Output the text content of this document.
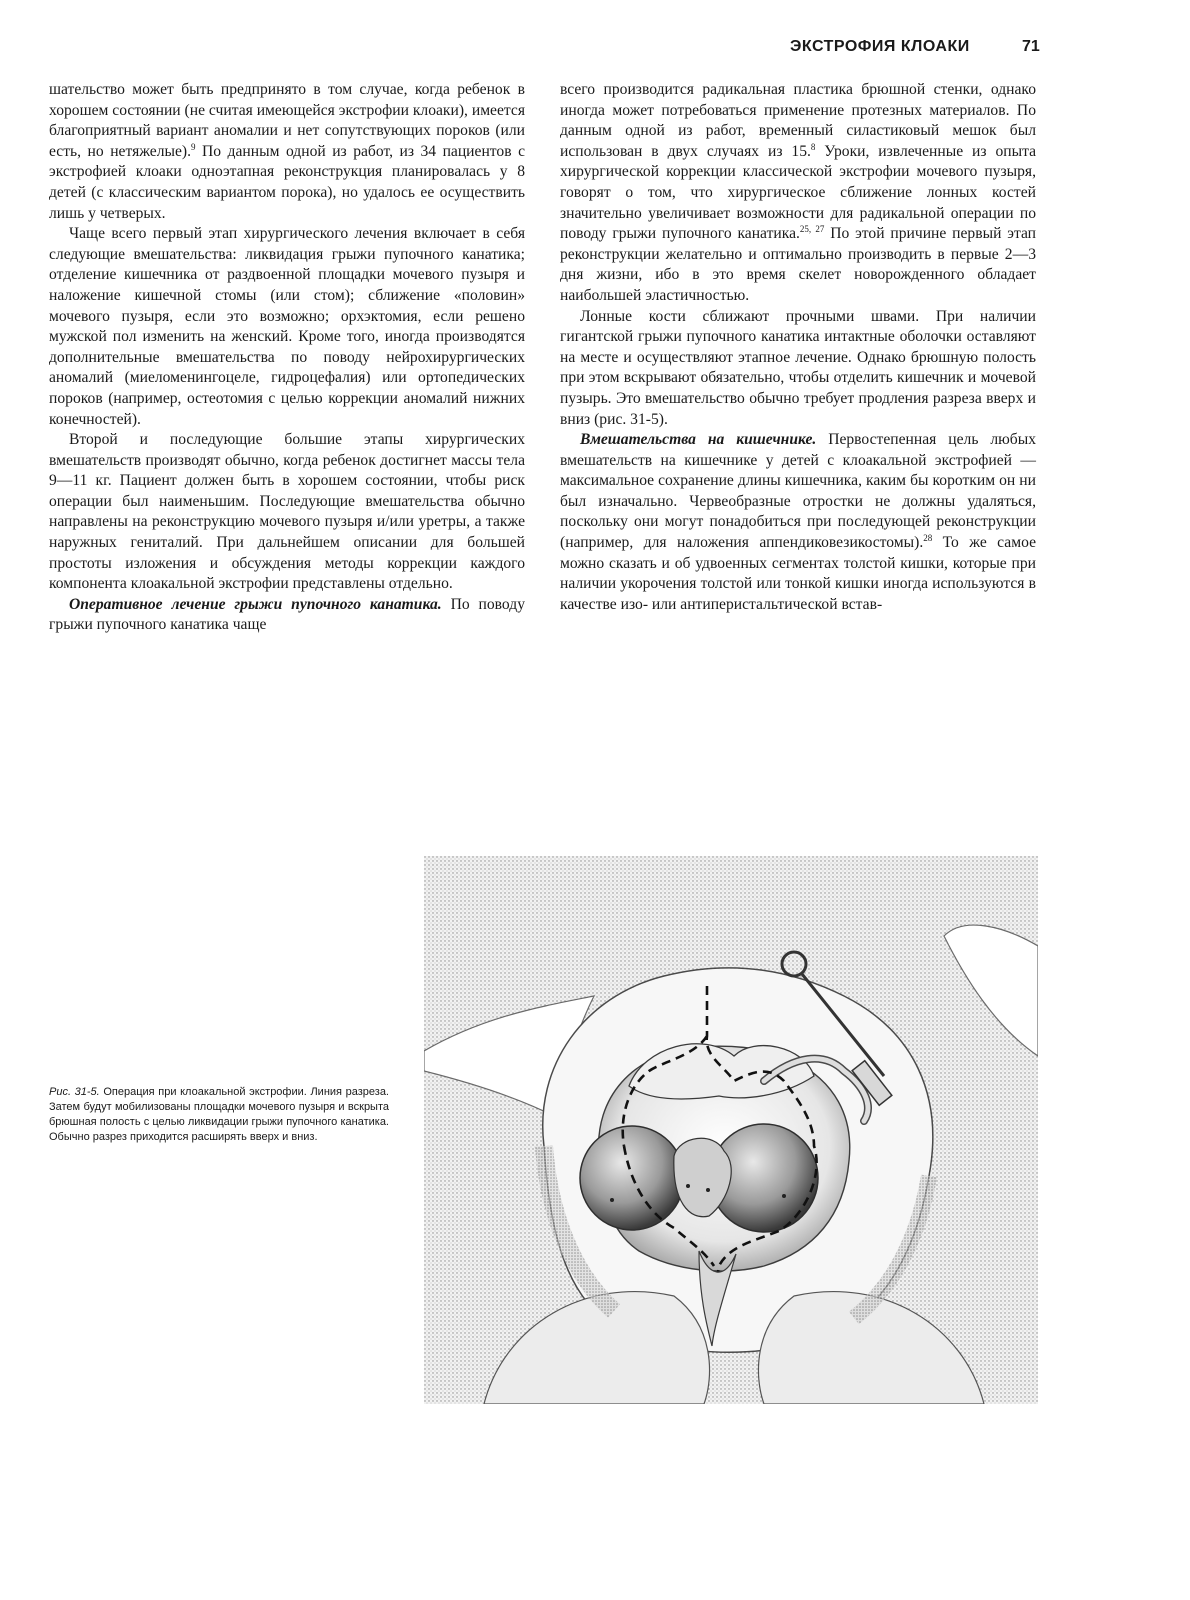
ЭКСТРОФИЯ КЛОАКИ	71

шательство может быть предпринято в том случае, когда ребенок в хорошем состоянии (не считая имеющейся экстрофии клоаки), имеется благоприятный вариант аномалии и нет сопутствующих пороков (или есть, но нетяжелые).$^9$ По данным одной из работ, из 34 пациентов с экстрофией клоаки одноэтапная реконструкция планировалась у 8 детей (с классическим вариантом порока), но удалось ее осуществить лишь у четверых.

Чаще всего первый этап хирургического лечения включает в себя следующие вмешательства: ликвидация грыжи пупочного канатика; отделение кишечника от раздвоенной площадки мочевого пузыря и наложение кишечной стомы (или стом); сближение «половин» мочевого пузыря, если это возможно; орхэктомия, если решено мужской пол изменить на женский. Кроме того, иногда производятся дополнительные вмешательства по поводу нейрохирургических аномалий (миеломенингоцеле, гидроцефалия) или ортопедических пороков (например, остеотомия с целью коррекции аномалий нижних конечностей).

Второй и последующие большие этапы хирургических вмешательств производят обычно, когда ребенок достигнет массы тела 9—11 кг. Пациент должен быть в хорошем состоянии, чтобы риск операции был наименьшим. Последующие вмешательства обычно направлены на реконструкцию мочевого пузыря и/или уретры, а также наружных гениталий. При дальнейшем описании для большей простоты изложения и обсуждения методы коррекции каждого компонента клоакальной экстрофии представлены отдельно.

Оперативное лечение грыжи пупочного канатика. По поводу грыжи пупочного канатика чаще

всего производится радикальная пластика брюшной стенки, однако иногда может потребоваться применение протезных материалов. По данным одной из работ, временный силастиковый мешок был использован в двух случаях из 15.$^8$ Уроки, извлеченные из опыта хирургической коррекции классической экстрофии мочевого пузыря, говорят о том, что хирургическое сближение лонных костей значительно увеличивает возможности для радикальной операции по поводу грыжи пупочного канатика.$^{25, 27}$ По этой причине первый этап реконструкции желательно и оптимально производить в первые 2—3 дня жизни, ибо в это время скелет новорожденного обладает наибольшей эластичностью.

Лонные кости сближают прочными швами. При наличии гигантской грыжи пупочного канатика интактные оболочки оставляют на месте и осуществляют этапное лечение. Однако брюшную полость при этом вскрывают обязательно, чтобы отделить кишечник и мочевой пузырь. Это вмешательство обычно требует продления разреза вверх и вниз (рис. 31-5).

Вмешательства на кишечнике. Первостепенная цель любых вмешательств на кишечнике у детей с клоакальной экстрофией — максимальное сохранение длины кишечника, каким бы коротким он ни был изначально. Червеобразные отростки не должны удаляться, поскольку они могут понадобиться при последующей реконструкции (например, для наложения аппендиковезикостомы).$^{28}$ То же самое можно сказать и об удвоенных сегментах толстой кишки, которые при наличии укорочения толстой или тонкой кишки иногда используются в качестве изо- или антиперистальтической встав-

Рис. 31-5. Операция при клоакальной экстрофии. Линия разреза. Затем будут мобилизованы площадки мочевого пузыря и вскрыта брюшная полость с целью ликвидации грыжи пупочного канатика. Обычно разрез приходится расширять вверх и вниз.
